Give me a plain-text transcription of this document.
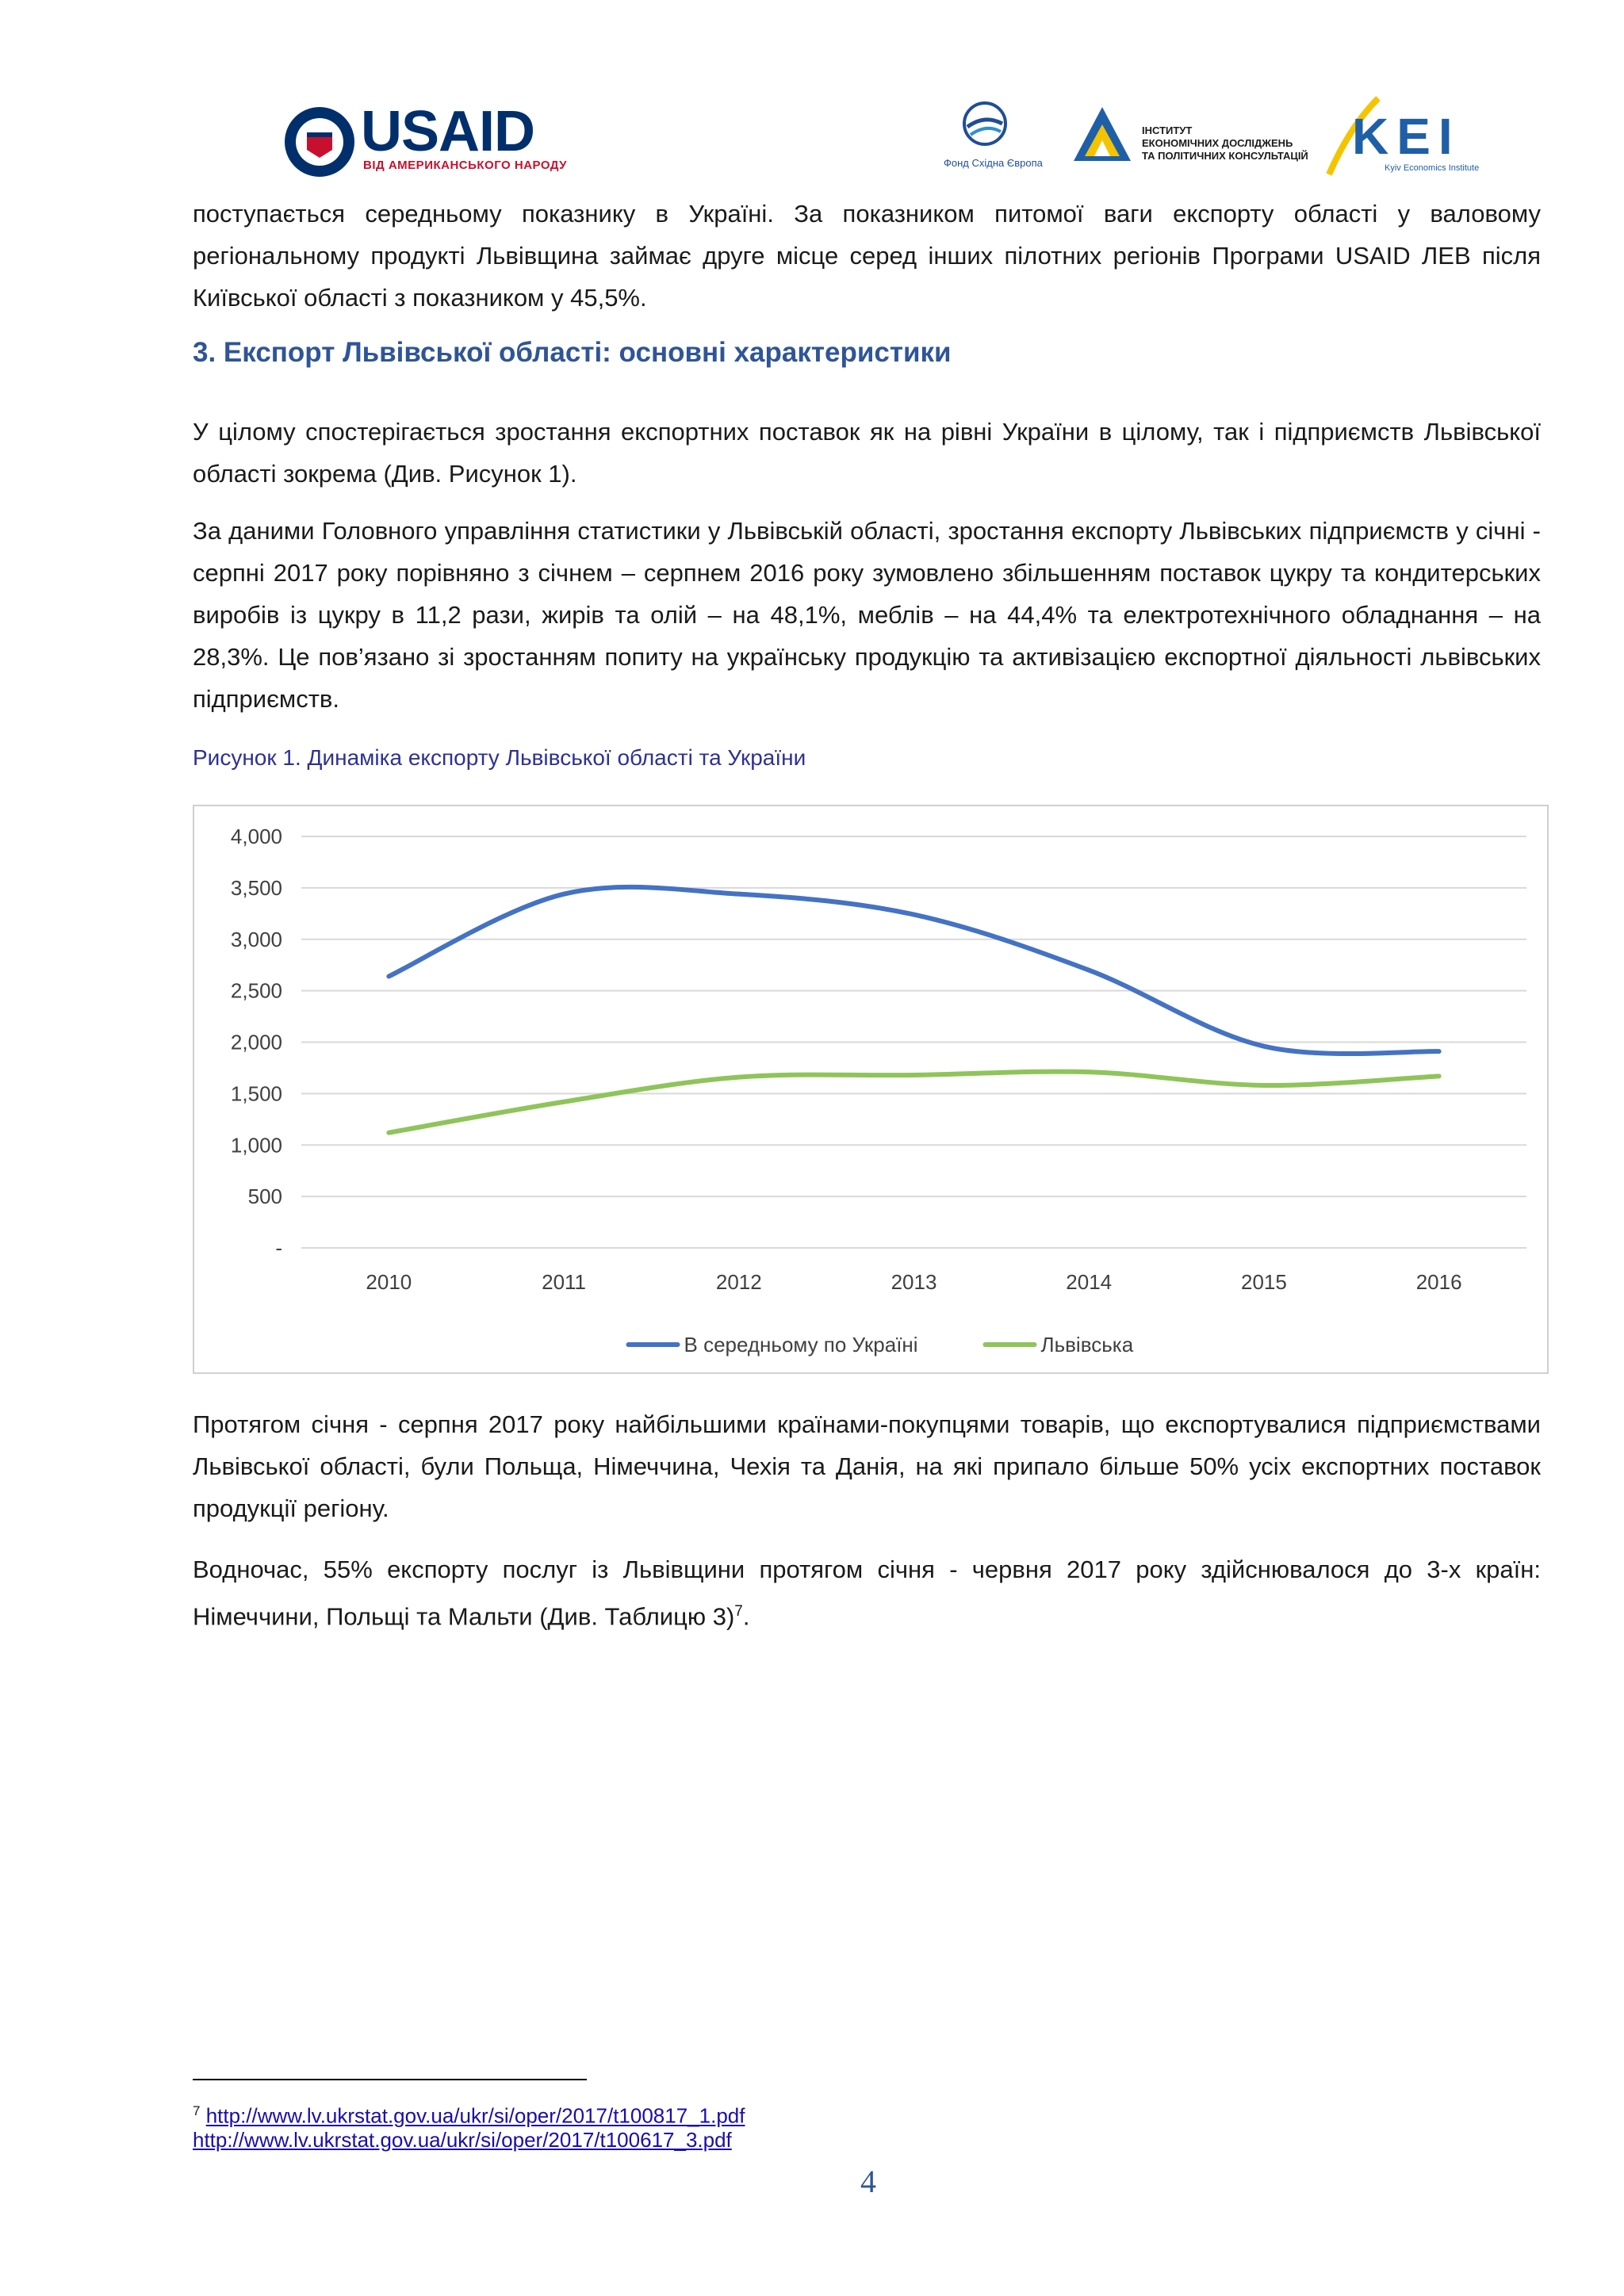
USAID
ВІД АМЕРИКАНСЬКОГО НАРОДУ	Фонд Східна Європа
ІНСТИТУТ
ЕКОНОМІЧНИХ ДОСЛІДЖЕНЬ
ТА ПОЛІТИЧНИХ КОНСУЛЬТАЦІЙ KEI
Kyiv Economics Institute

поступається середньому показнику в Україні. За показником питомої ваги експорту області у валовому регіональному продукті Львівщина займає друге місце серед інших пілотних регіонів Програми USAID ЛЕВ після Київської області з показником у 45,5%.

3. Експорт Львівської області: основні характеристики

У цілому спостерігається зростання експортних поставок як на рівні України в цілому, так і підприємств Львівської області зокрема (Див. Рисунок 1).

За даними Головного управління статистики у Львівській області, зростання експорту Львівських підприємств у січні - серпні 2017 року порівняно з січнем – серпнем 2016 року зумовлено збільшенням поставок цукру та кондитерських виробів із цукру в 11,2 рази, жирів та олій – на 48,1%, меблів – на 44,4% та електротехнічного обладнання – на 28,3%. Це пов’язано зі зростанням попиту на українську продукцію та активізацією експортної діяльності львівських підприємств.

Рисунок 1. Динаміка експорту Львівської області та України

-
500
1,000
1,500
2,000
2,500
3,000
3,500
4,000
2010	2011	2012	2013	2014	2015	2016
В середньому по Україні	Львівська

Протягом січня - серпня 2017 року найбільшими країнами-покупцями товарів, що експортувалися підприємствами Львівської області, були Польща, Німеччина, Чехія та Данія, на які припало більше 50% усіх експортних поставок продукції регіону.

Водночас, 55% експорту послуг із Львівщини протягом січня - червня 2017 року здійснювалося до 3-х країн: Німеччини, Польщі та Мальти (Див. Таблицю 3)$^7$.

$^7$ http://www.lv.ukrstat.gov.ua/ukr/si/oper/2017/t100817_1.pdf
http://www.lv.ukrstat.gov.ua/ukr/si/oper/2017/t100617_3.pdf
4
